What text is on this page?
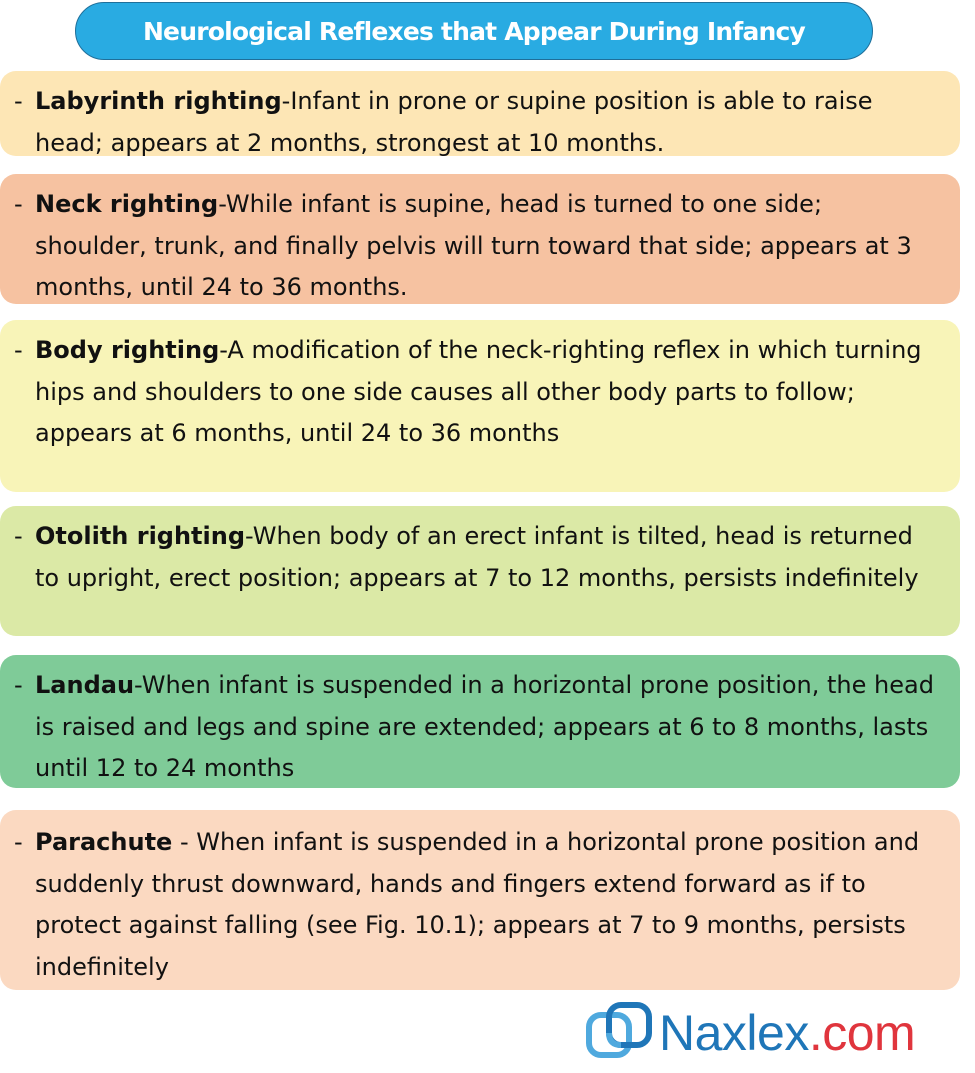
Neurological Reflexes that Appear During Infancy
- Labyrinth righting-Infant in prone or supine position is able to raise head; appears at 2 months, strongest at 10 months.
- Neck righting-While infant is supine, head is turned to one side; shoulder, trunk, and finally pelvis will turn toward that side; appears at 3 months, until 24 to 36 months.
- Body righting-A modification of the neck-righting reflex in which turning hips and shoulders to one side causes all other body parts to follow; appears at 6 months, until 24 to 36 months
- Otolith righting-When body of an erect infant is tilted, head is returned to upright, erect position; appears at 7 to 12 months, persists indefinitely
- Landau-When infant is suspended in a horizontal prone position, the head is raised and legs and spine are extended; appears at 6 to 8 months, lasts until 12 to 24 months
- Parachute - When infant is suspended in a horizontal prone position and suddenly thrust downward, hands and fingers extend forward as if to protect against falling (see Fig. 10.1); appears at 7 to 9 months, persists indefinitely
Naxlex.com
